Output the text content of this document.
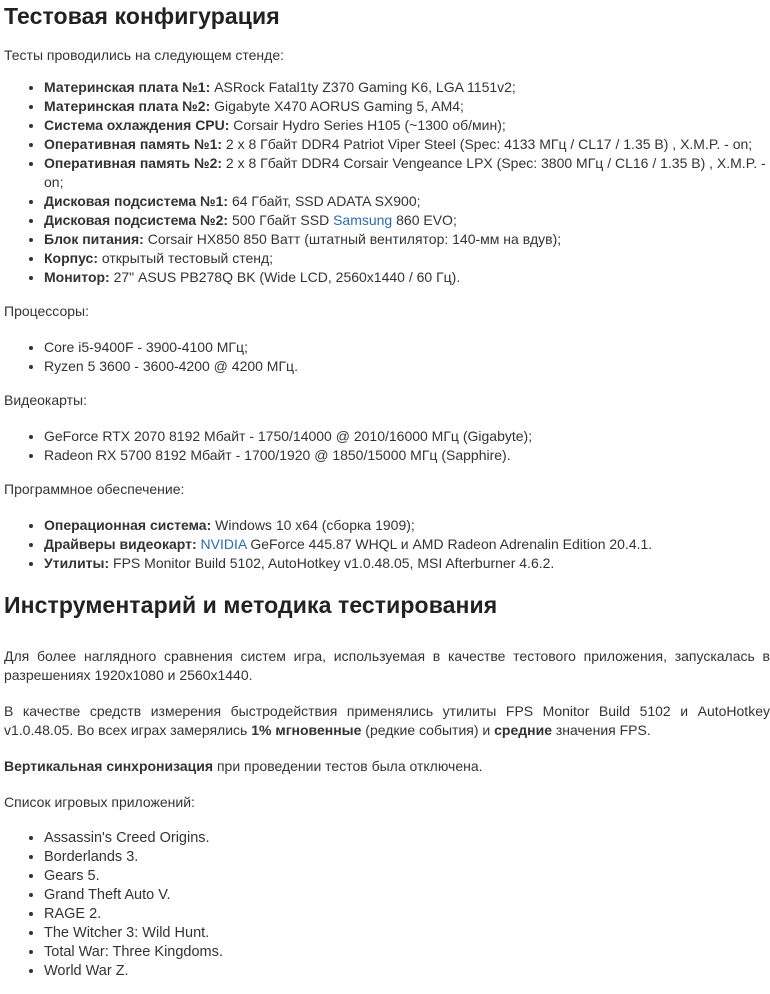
Тестовая конфигурация

Тесты проводились на следующем стенде:

• Материнская плата №1: ASRock Fatal1ty Z370 Gaming K6, LGA 1151v2;
• Материнская плата №2: Gigabyte X470 AORUS Gaming 5, AM4;
• Система охлаждения CPU: Corsair Hydro Series H105 (~1300 об/мин);
• Оперативная память №1: 2 x 8 Гбайт DDR4 Patriot Viper Steel (Spec: 4133 МГц / CL17 / 1.35 В) , X.M.P. - on;
• Оперативная память №2: 2 x 8 Гбайт DDR4 Corsair Vengeance LPX (Spec: 3800 МГц / CL16 / 1.35 В) , X.M.P. - on;
• Дисковая подсистема №1: 64 Гбайт, SSD ADATA SX900;
• Дисковая подсистема №2: 500 Гбайт SSD Samsung 860 EVO;
• Блок питания: Corsair HX850 850 Ватт (штатный вентилятор: 140-мм на вдув);
• Корпус: открытый тестовый стенд;
• Монитор: 27" ASUS PB278Q BK (Wide LCD, 2560x1440 / 60 Гц).

Процессоры:

• Core i5-9400F - 3900-4100 МГц;
• Ryzen 5 3600 - 3600-4200 @ 4200 МГц.

Видеокарты:

• GeForce RTX 2070 8192 Мбайт - 1750/14000 @ 2010/16000 МГц (Gigabyte);
• Radeon RX 5700 8192 Мбайт - 1700/1920 @ 1850/15000 МГц (Sapphire).

Программное обеспечение:

• Операционная система: Windows 10 x64 (сборка 1909);
• Драйверы видеокарт: NVIDIA GeForce 445.87 WHQL и AMD Radeon Adrenalin Edition 20.4.1.
• Утилиты: FPS Monitor Build 5102, AutoHotkey v1.0.48.05, MSI Afterburner 4.6.2.
Инструментарий и методика тестирования

Для более наглядного сравнения систем игра, используемая в качестве тестового приложения, запускалась в разрешениях 1920x1080 и 2560x1440.

В качестве средств измерения быстродействия применялись утилиты FPS Monitor Build 5102 и AutoHotkey v1.0.48.05. Во всех играх замерялись 1% мгновенные (редкие события) и средние значения FPS.

Вертикальная синхронизация при проведении тестов была отключена.

Список игровых приложений:

• Assassin's Creed Origins.
• Borderlands 3.
• Gears 5.
• Grand Theft Auto V.
• RAGE 2.
• The Witcher 3: Wild Hunt.
• Total War: Three Kingdoms.
• World War Z.
